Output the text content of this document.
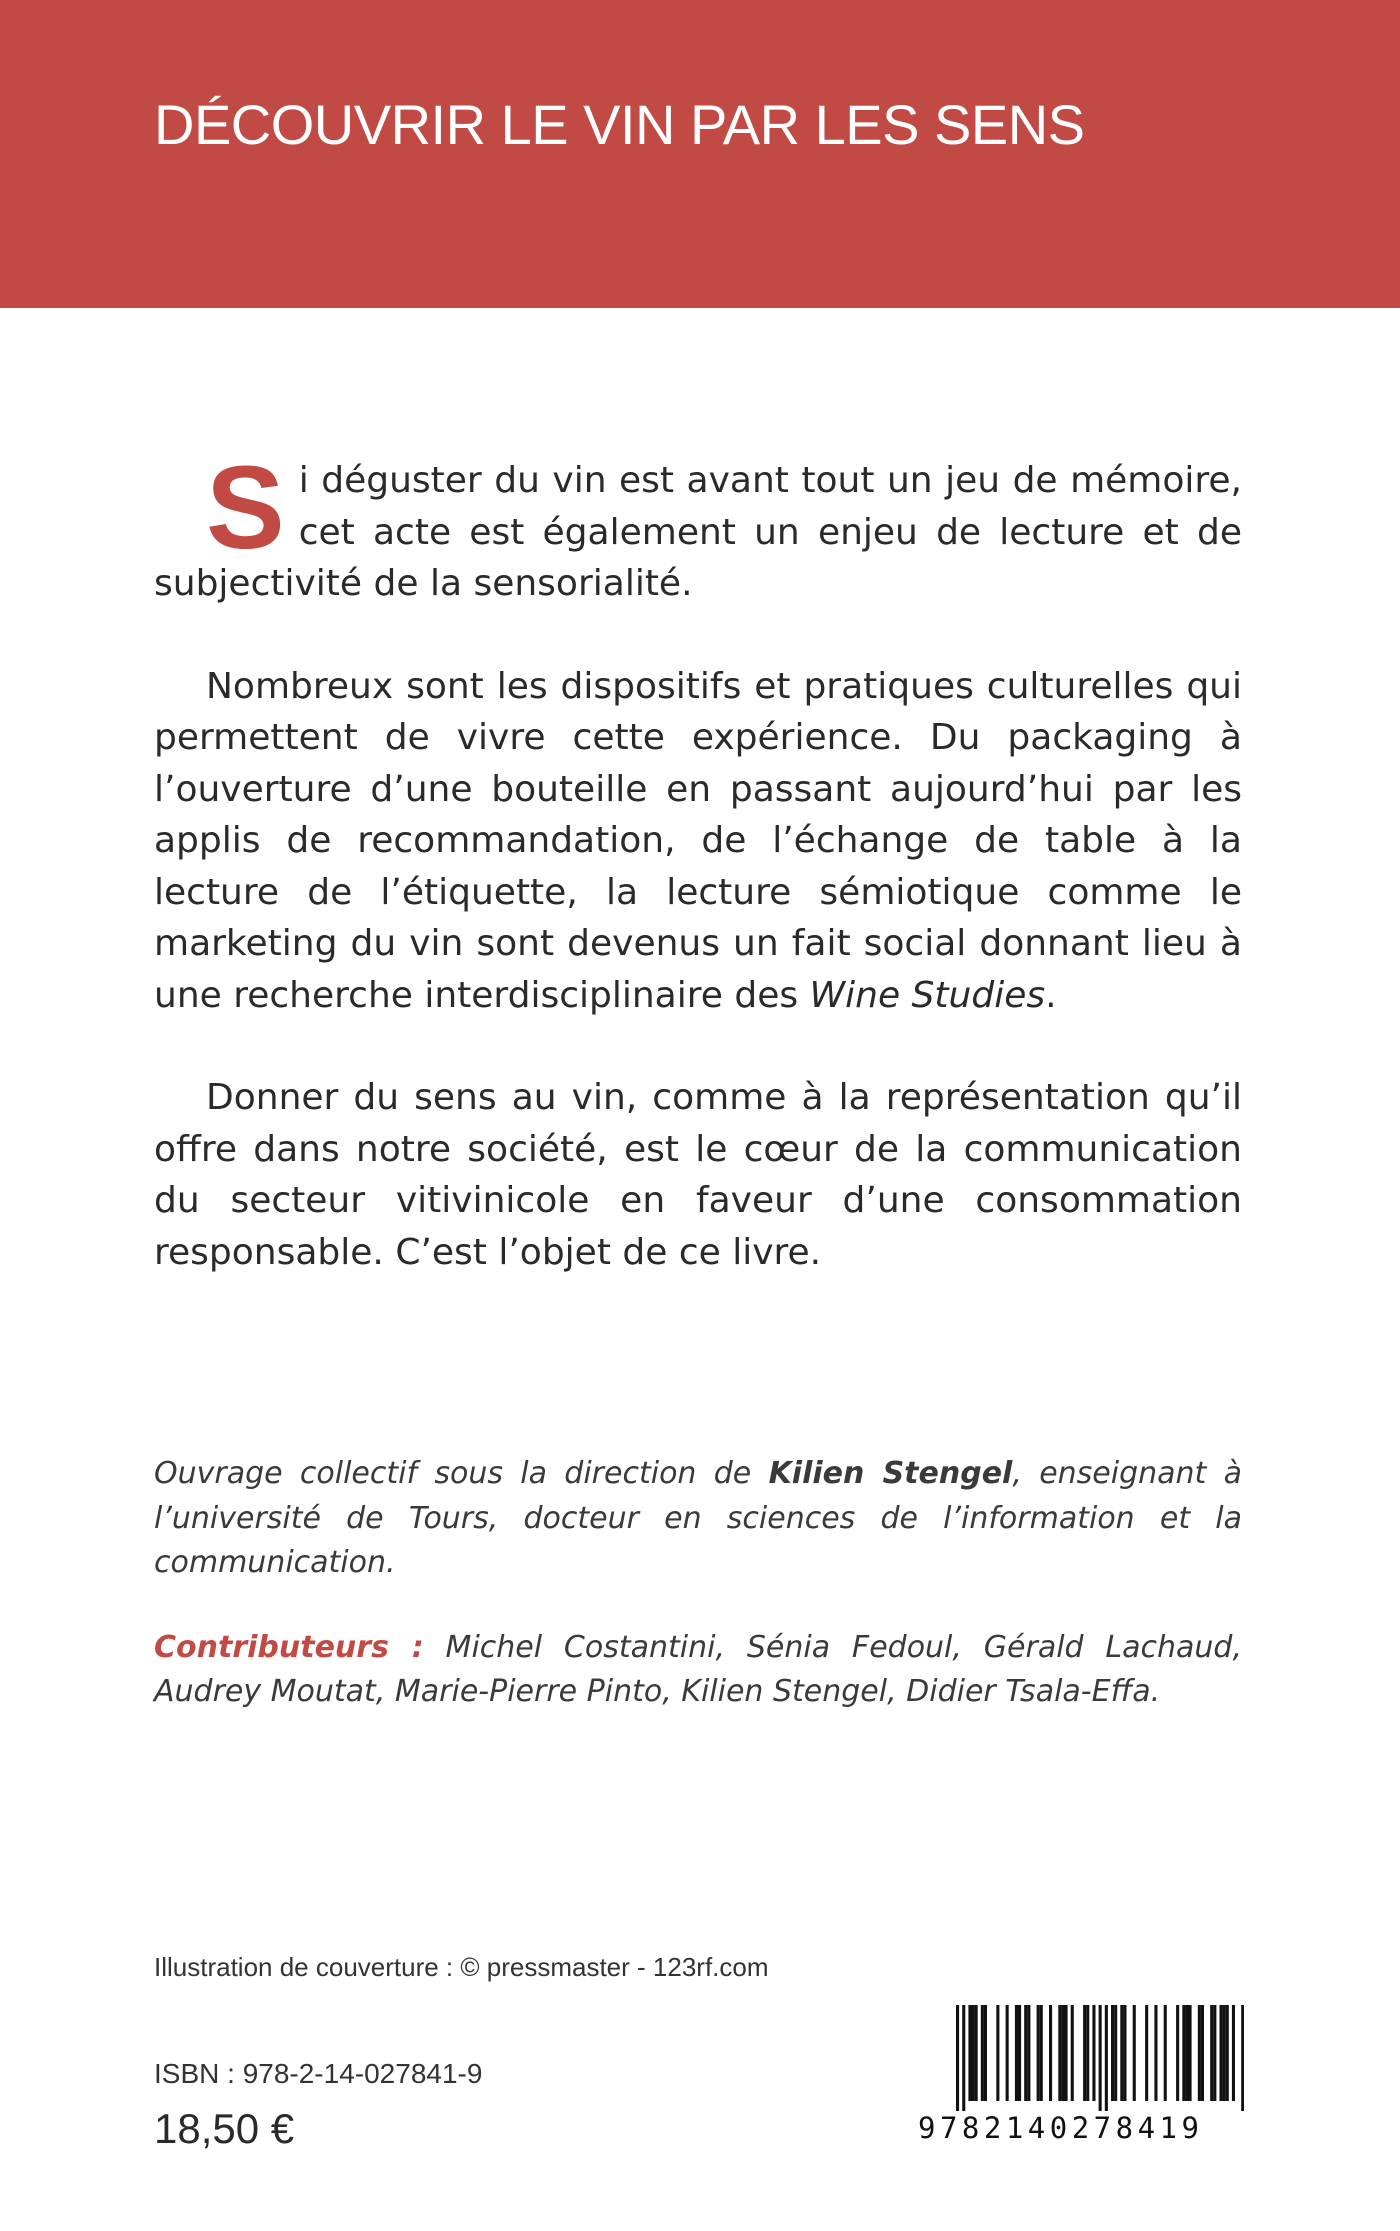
DÉCOUVRIR LE VIN PAR LES SENS

Si déguster du vin est avant tout un jeu de mémoire, cet acte est également un enjeu de lecture et de subjectivité de la sensorialité.

Nombreux sont les dispositifs et pratiques culturelles qui permettent de vivre cette expérience. Du packaging à l’ouverture d’une bouteille en passant aujourd’hui par les applis de recommandation, de l’échange de table à la lecture de l’étiquette, la lecture sémiotique comme le marketing du vin sont devenus un fait social donnant lieu à une recherche interdisciplinaire des Wine Studies.

Donner du sens au vin, comme à la représentation qu’il offre dans notre société, est le cœur de la communication du secteur vitivinicole en faveur d’une consommation responsable. C’est l’objet de ce livre.

Ouvrage collectif sous la direction de Kilien Stengel, enseignant à l’université de Tours, docteur en sciences de l’information et la communication.

Contributeurs : Michel Costantini, Sénia Fedoul, Gérald Lachaud, Audrey Moutat, Marie-Pierre Pinto, Kilien Stengel, Didier Tsala-Effa.

Illustration de couverture : © pressmaster - 123rf.com
ISBN : 978-2-14-027841-9
18,50 €	9782140278419
